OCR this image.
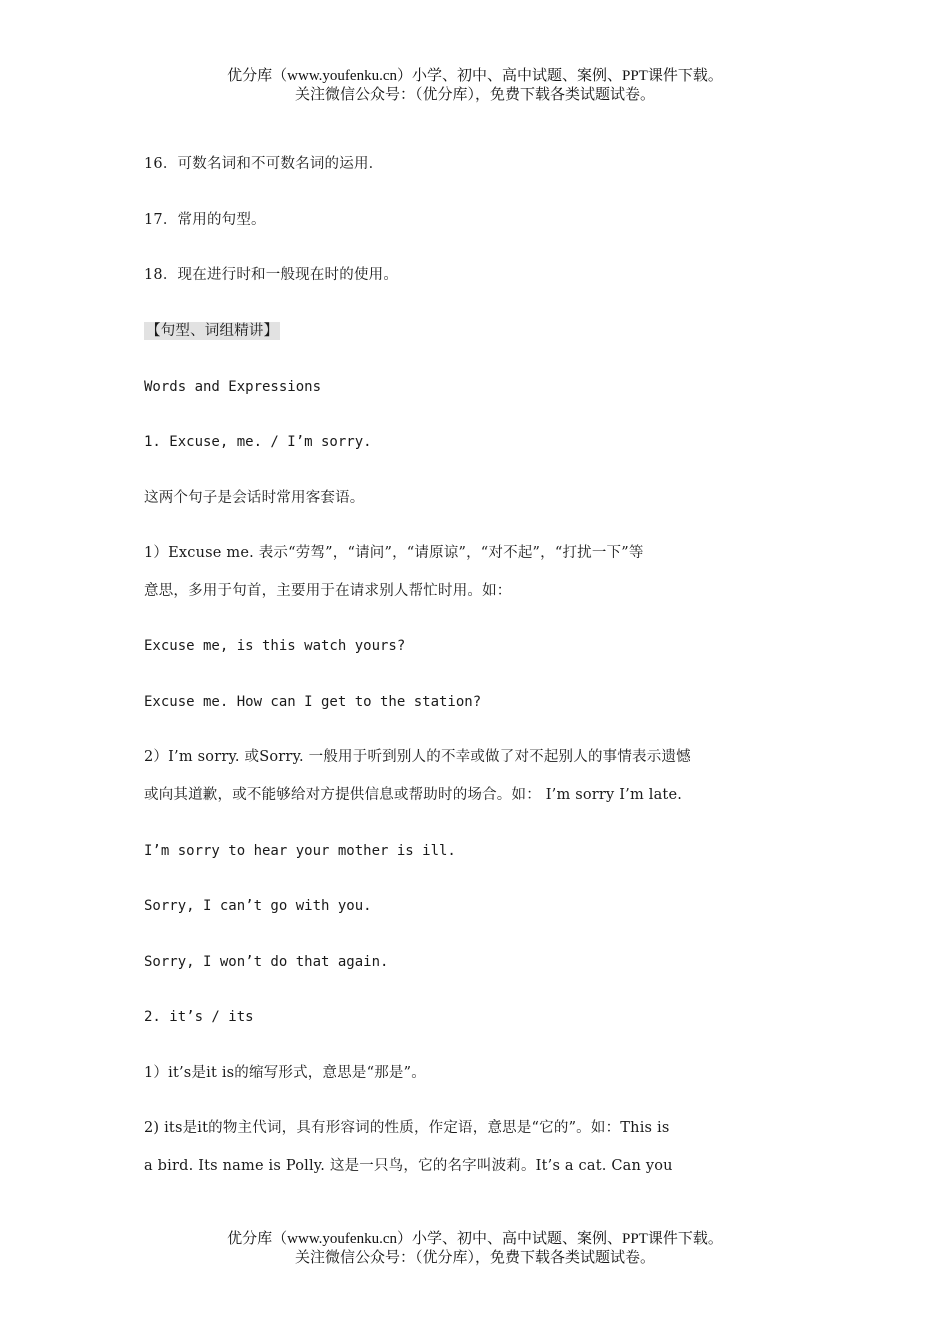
优分库（www.youfenku.cn）小学、初中、高中试题、案例、PPT课件下载。
关注微信公众号：（优分库），免费下载各类试题试卷。
16．可数名词和不可数名词的运用．
17．常用的句型。
18．现在进行时和一般现在时的使用。
【句型、词组精讲】
Words and Expressions
1. Excuse, me. / I’m sorry.
这两个句子是会话时常用客套语。
1）Excuse me. 表示“劳驾”，“请问”，“请原谅”，“对不起”，“打扰一下”等
意思，多用于句首，主要用于在请求别人帮忙时用。如：
Excuse me, is this watch yours?
Excuse me. How can I get to the station?
2）I’m sorry. 或Sorry. 一般用于听到别人的不幸或做了对不起别人的事情表示遗憾
或向其道歉，或不能够给对方提供信息或帮助时的场合。如： I’m sorry I’m late.
I’m sorry to hear your mother is ill.
Sorry, I can’t go with you.
Sorry, I won’t do that again.
2. it’s / its
1）it’s是it is的缩写形式，意思是“那是”。
2) its是it的物主代词，具有形容词的性质，作定语，意思是“它的”。如：This is
a bird. Its name is Polly. 这是一只鸟，它的名字叫波莉。It’s a cat. Can you
优分库（www.youfenku.cn）小学、初中、高中试题、案例、PPT课件下载。
关注微信公众号：（优分库），免费下载各类试题试卷。
